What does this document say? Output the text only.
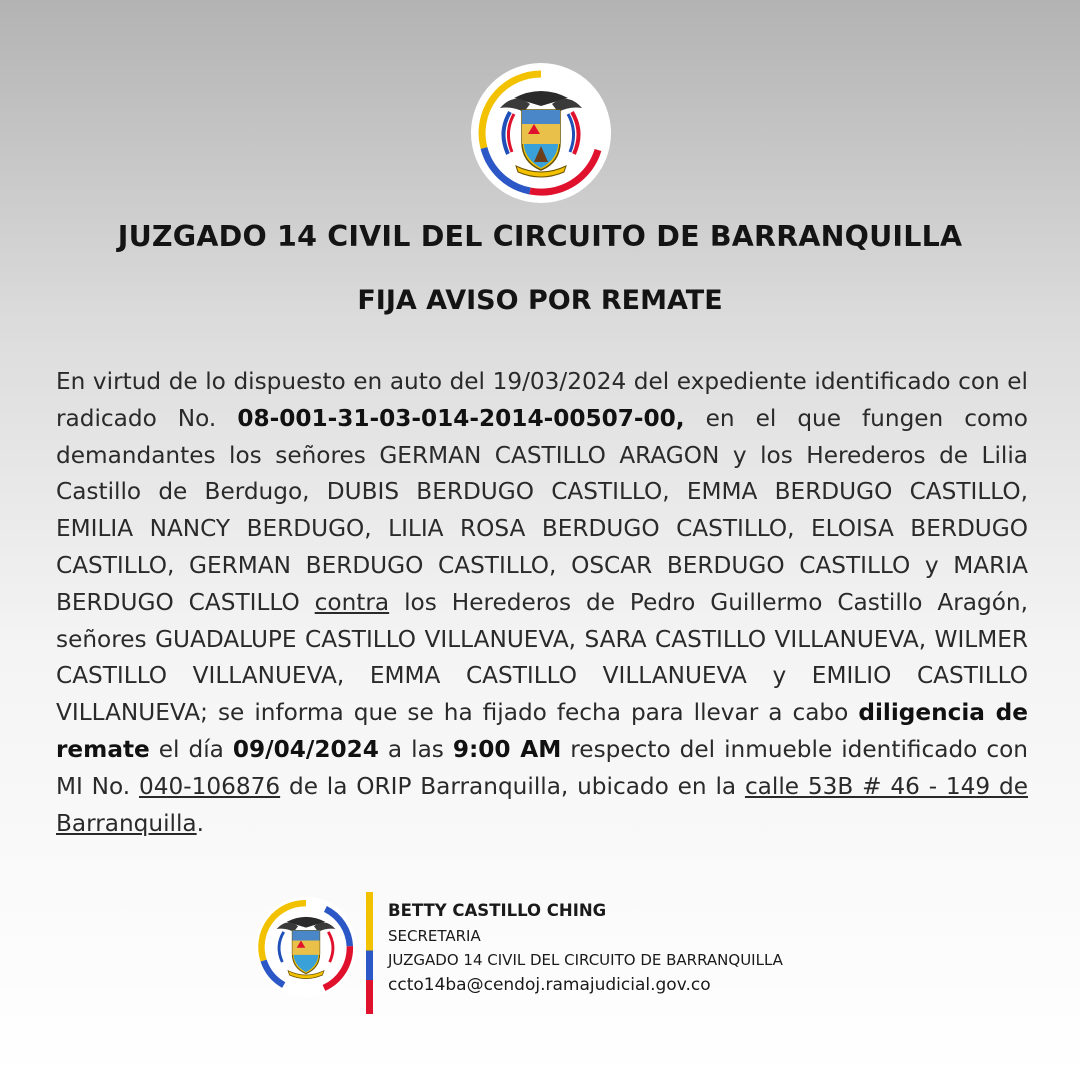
JUZGADO 14 CIVIL DEL CIRCUITO DE BARRANQUILLA
FIJA AVISO POR REMATE

En virtud de lo dispuesto en auto del 19/03/2024 del expediente identificado con el radicado No. 08-001-31-03-014-2014-00507-00, en el que fungen como demandantes los señores GERMAN CASTILLO ARAGON y los Herederos de Lilia Castillo de Berdugo, DUBIS BERDUGO CASTILLO, EMMA BERDUGO CASTILLO, EMILIA NANCY BERDUGO, LILIA ROSA BERDUGO CASTILLO, ELOISA BERDUGO CASTILLO, GERMAN BERDUGO CASTILLO, OSCAR BERDUGO CASTILLO y MARIA BERDUGO CASTILLO contra los Herederos de Pedro Guillermo Castillo Aragón, señores GUADALUPE CASTILLO VILLANUEVA, SARA CASTILLO VILLANUEVA, WILMER CASTILLO VILLANUEVA, EMMA CASTILLO VILLANUEVA y EMILIO CASTILLO VILLANUEVA; se informa que se ha fijado fecha para llevar a cabo diligencia de remate el día 09/04/2024 a las 9:00 AM respecto del inmueble identificado con MI No. 040-106876 de la ORIP Barranquilla, ubicado en la calle 53B # 46 - 149 de Barranquilla.

BETTY CASTILLO CHING

SECRETARIA

JUZGADO 14 CIVIL DEL CIRCUITO DE BARRANQUILLA

ccto14ba@cendoj.ramajudicial.gov.co
